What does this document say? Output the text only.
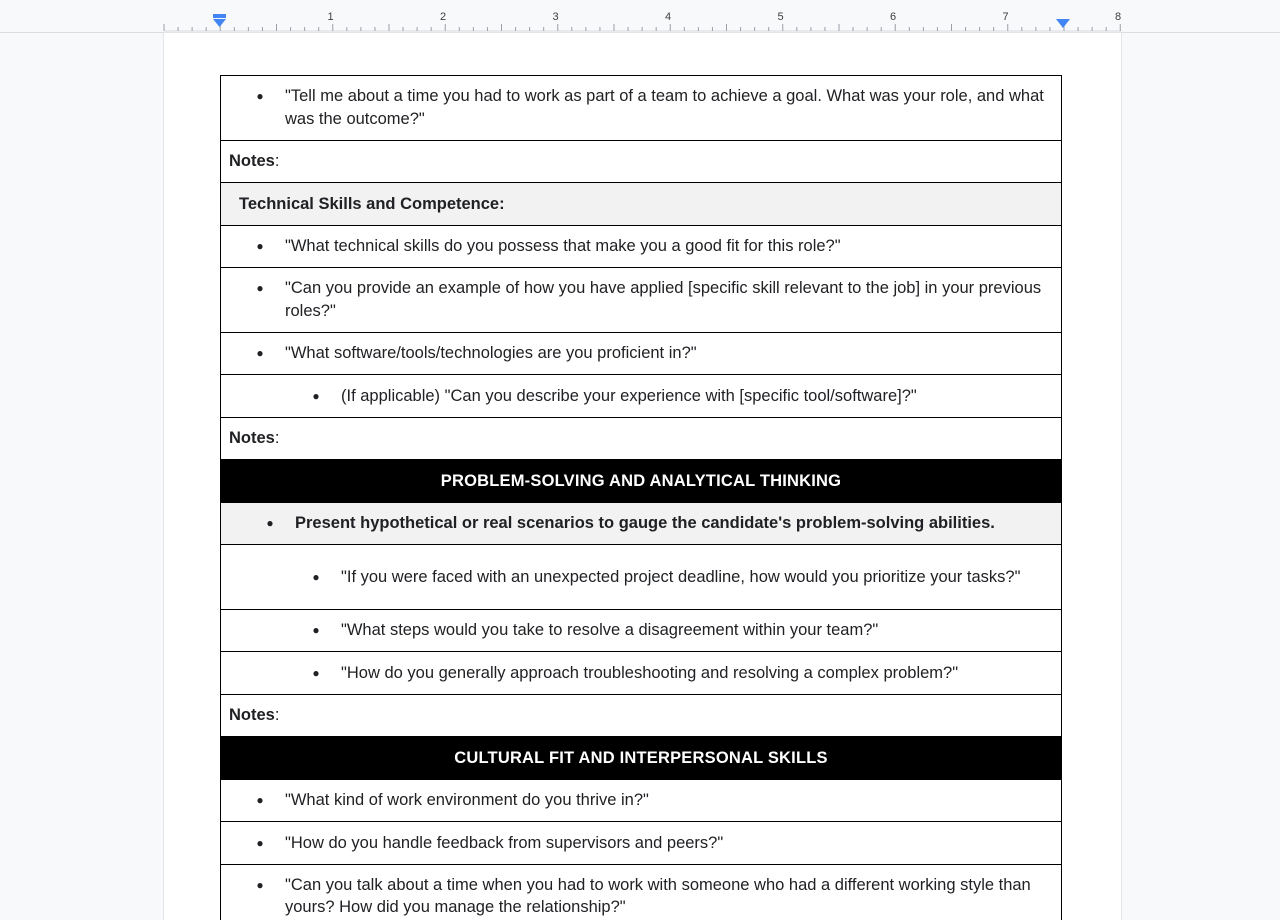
1	2	3	4	5	6	7	8
● "Tell me about a time you had to work as part of a team to achieve a goal. What was your role, and what was the outcome?"

Notes:
Technical Skills and Competence:

● "What technical skills do you possess that make you a good fit for this role?"

● "Can you provide an example of how you have applied [specific skill relevant to the job] in your previous roles?"

● "What software/tools/technologies are you proficient in?"

● (If applicable) "Can you describe your experience with [specific tool/software]?"

Notes:
PROBLEM-SOLVING AND ANALYTICAL THINKING

● Present hypothetical or real scenarios to gauge the candidate's problem-solving abilities.

● "If you were faced with an unexpected project deadline, how would you prioritize your tasks?"

● "What steps would you take to resolve a disagreement within your team?"

● "How do you generally approach troubleshooting and resolving a complex problem?"

Notes:
CULTURAL FIT AND INTERPERSONAL SKILLS

● "What kind of work environment do you thrive in?"

● "How do you handle feedback from supervisors and peers?"

● "Can you talk about a time when you had to work with someone who had a different working style than yours? How did you manage the relationship?"
